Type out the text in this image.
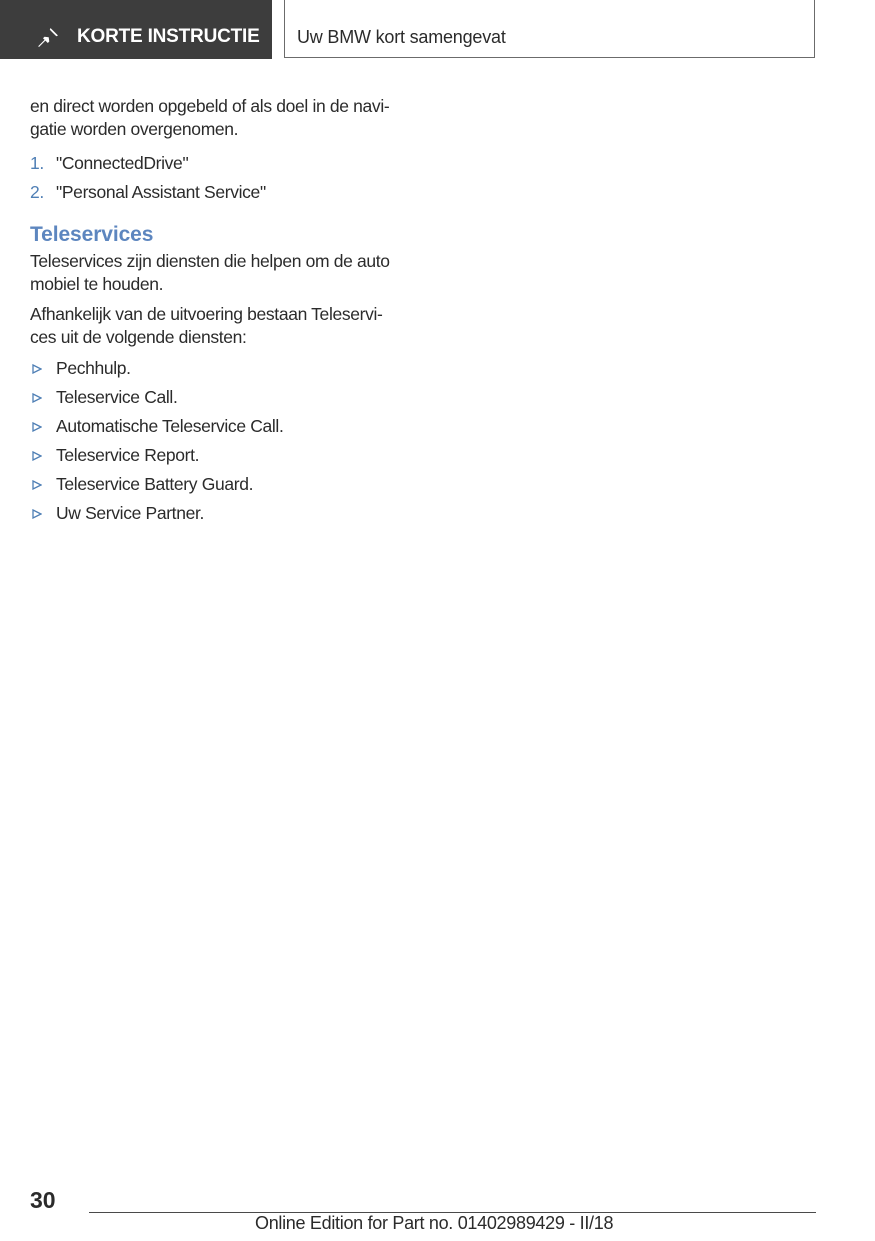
KORTE INSTRUCTIE Uw BMW kort samengevat

en direct worden opgebeld of als doel in de navi-
gatie worden overgenomen.

1. "ConnectedDrive"
2. "Personal Assistant Service"
Teleservices

Teleservices zijn diensten die helpen om de auto
mobiel te houden.

Afhankelijk van de uitvoering bestaan Teleservi-
ces uit de volgende diensten:

Pechhulp.
Teleservice Call.
Automatische Teleservice Call.
Teleservice Report.
Teleservice Battery Guard.
Uw Service Partner.
30
Online Edition for Part no. 01402989429 - II/18
